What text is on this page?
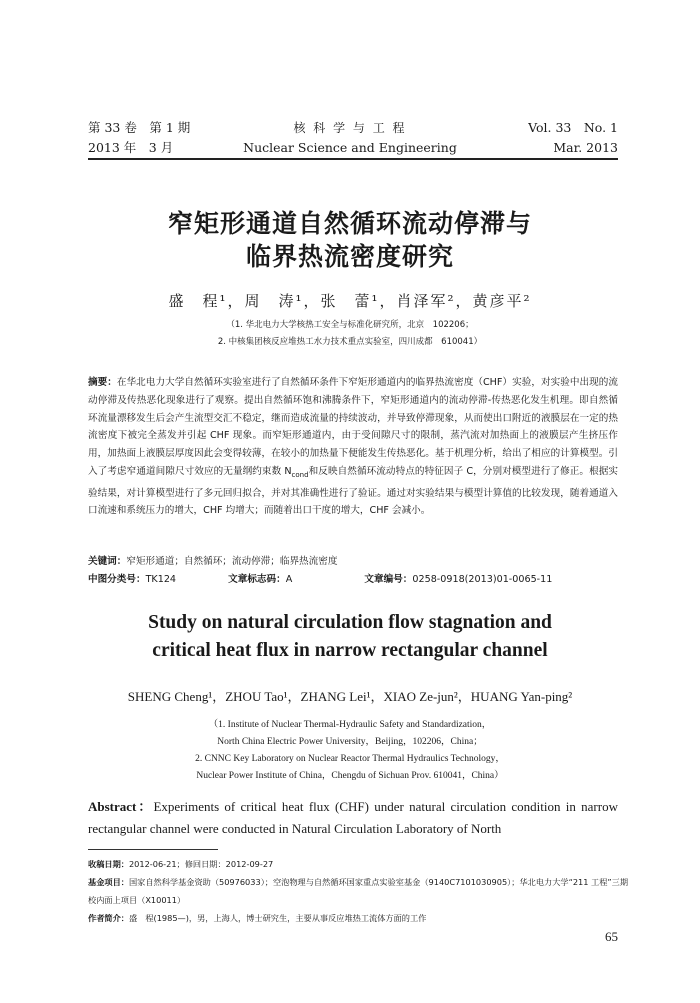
第 33 卷　第 1 期
2013 年　3 月
核 科 学 与 工 程
Nuclear Science and Engineering
Vol. 33　No. 1
Mar. 2013
窄矩形通道自然循环流动停滞与
临界热流密度研究
盛　程¹，周　涛¹，张　蕾¹，肖泽军²，黄彦平²
（1. 华北电力大学核热工安全与标准化研究所，北京　102206；
2. 中核集团核反应堆热工水力技术重点实验室，四川成都　610041）
摘要：在华北电力大学自然循环实验室进行了自然循环条件下窄矩形通道内的临界热流密度（CHF）实验，对实验中出现的流动停滞及传热恶化现象进行了观察。提出自然循环饱和沸腾条件下，窄矩形通道内的流动停滞-传热恶化发生机理。即自然循环流量漂移发生后会产生流型交汇不稳定，继而造成流量的持续波动，并导致停滞现象，从而使出口附近的液膜层在一定的热流密度下被完全蒸发并引起 CHF 现象。而窄矩形通道内，由于受间隙尺寸的限制，蒸汽流对加热面上的液膜层产生挤压作用，加热面上液膜层厚度因此会变得较薄，在较小的加热量下便能发生传热恶化。基于机理分析，给出了相应的计算模型。引入了考虑窄通道间隙尺寸效应的无量纲约束数 $N_{cond}$和反映自然循环流动特点的特征因子 C，分别对模型进行了修正。根据实验结果，对计算模型进行了多元回归拟合，并对其准确性进行了验证。通过对实验结果与模型计算值的比较发现，随着通道入口流速和系统压力的增大，CHF 均增大；而随着出口干度的增大，CHF 会减小。
关键词：窄矩形通道；自然循环；流动停滞；临界热流密度
中图分类号：TK124	文章标志码：A	文章编号：0258-0918(2013)01-0065-11
Study on natural circulation flow stagnation and
critical heat flux in narrow rectangular channel
SHENG Cheng¹，ZHOU Tao¹，ZHANG Lei¹，XIAO Ze-jun²，HUANG Yan-ping²
（1. Institute of Nuclear Thermal-Hydraulic Safety and Standardization，
North China Electric Power University，Beijing，102206，China；
2. CNNC Key Laboratory on Nuclear Reactor Thermal Hydraulics Technology，
Nuclear Power Institute of China，Chengdu of Sichuan Prov. 610041，China）
Abstract：Experiments of critical heat flux (CHF) under natural circulation condition in narrow rectangular channel were conducted in Natural Circulation Laboratory of North
收稿日期：2012-06-21；修回日期：2012-09-27
基金项目：国家自然科学基金资助（50976033）；空泡物理与自然循环国家重点实验室基金（9140C7101030905）；华北电力大学“211 工程”三期校内面上项目（X10011）
作者简介：盛　程(1985—)，男，上海人，博士研究生，主要从事反应堆热工流体方面的工作
65
